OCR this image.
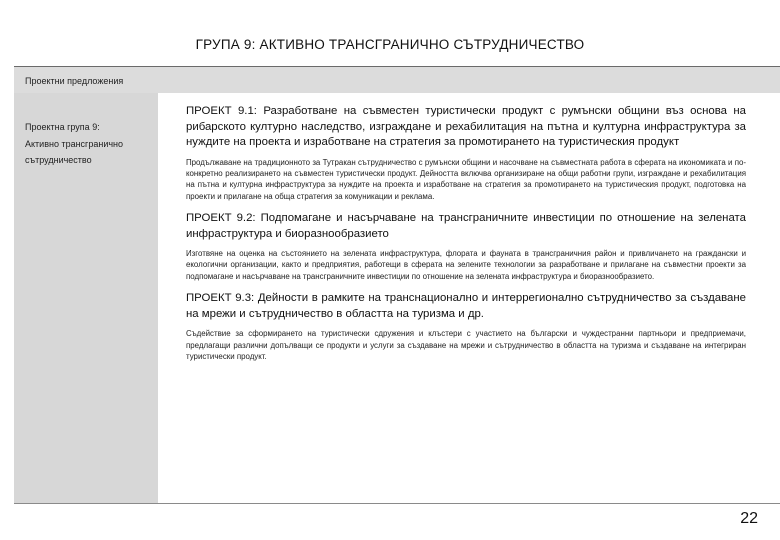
ГРУПА 9: АКТИВНО ТРАНСГРАНИЧНО СЪТРУДНИЧЕСТВО
Проектни предложения
Проектна група 9:
Активно трансгранично
сътрудничество

ПРОЕКТ 9.1: Разработване на съвместен туристически продукт с румънски общини въз основа на рибарското културно наследство, изграждане и рехабилитация на пътна и културна инфраструктура за нуждите на проекта и изработване на стратегия за промотирането на туристическия продукт

Продължаване на традиционното за Тутракан сътрудничество с румънски общини и насочване на съвместната работа в сферата на икономиката и по-конкретно реализирането на съвместен туристически продукт. Дейността включва организиране на общи работни групи, изграждане и рехабилитация на пътна и културна инфраструктура за нуждите на проекта и изработване на стратегия за промотирането на туристическия продукт, подготовка на проекти и прилагане на обща стратегия за комуникации и реклама.

ПРОЕКТ 9.2: Подпомагане и насърчаване на трансграничните инвестиции по отношение на зелената инфраструктура и биоразнообразието

Изготвяне на оценка на състоянието на зелената инфраструктура, флората и фауната в трансграничния район и привличането на граждански и екологични организации, както и предприятия, работещи в сферата на зелените технологии за разработване и прилагане на съвместни проекти за подпомагане и насърчаване на трансграничните инвестиции по отношение на зелената инфраструктура и биоразнообразието.

ПРОЕКТ 9.3: Дейности в рамките на транснационално и интеррегионално сътрудничество за създаване на мрежи и сътрудничество в областта на туризма и др.

Съдействие за сформирането на туристически сдружения и клъстери с участието на български и чуждестранни партньори и предприемачи, предлагащи различни допълващи се продукти и услуги за създаване на мрежи и сътрудничество в областта на туризма и създаване на интегриран туристически продукт.

22
